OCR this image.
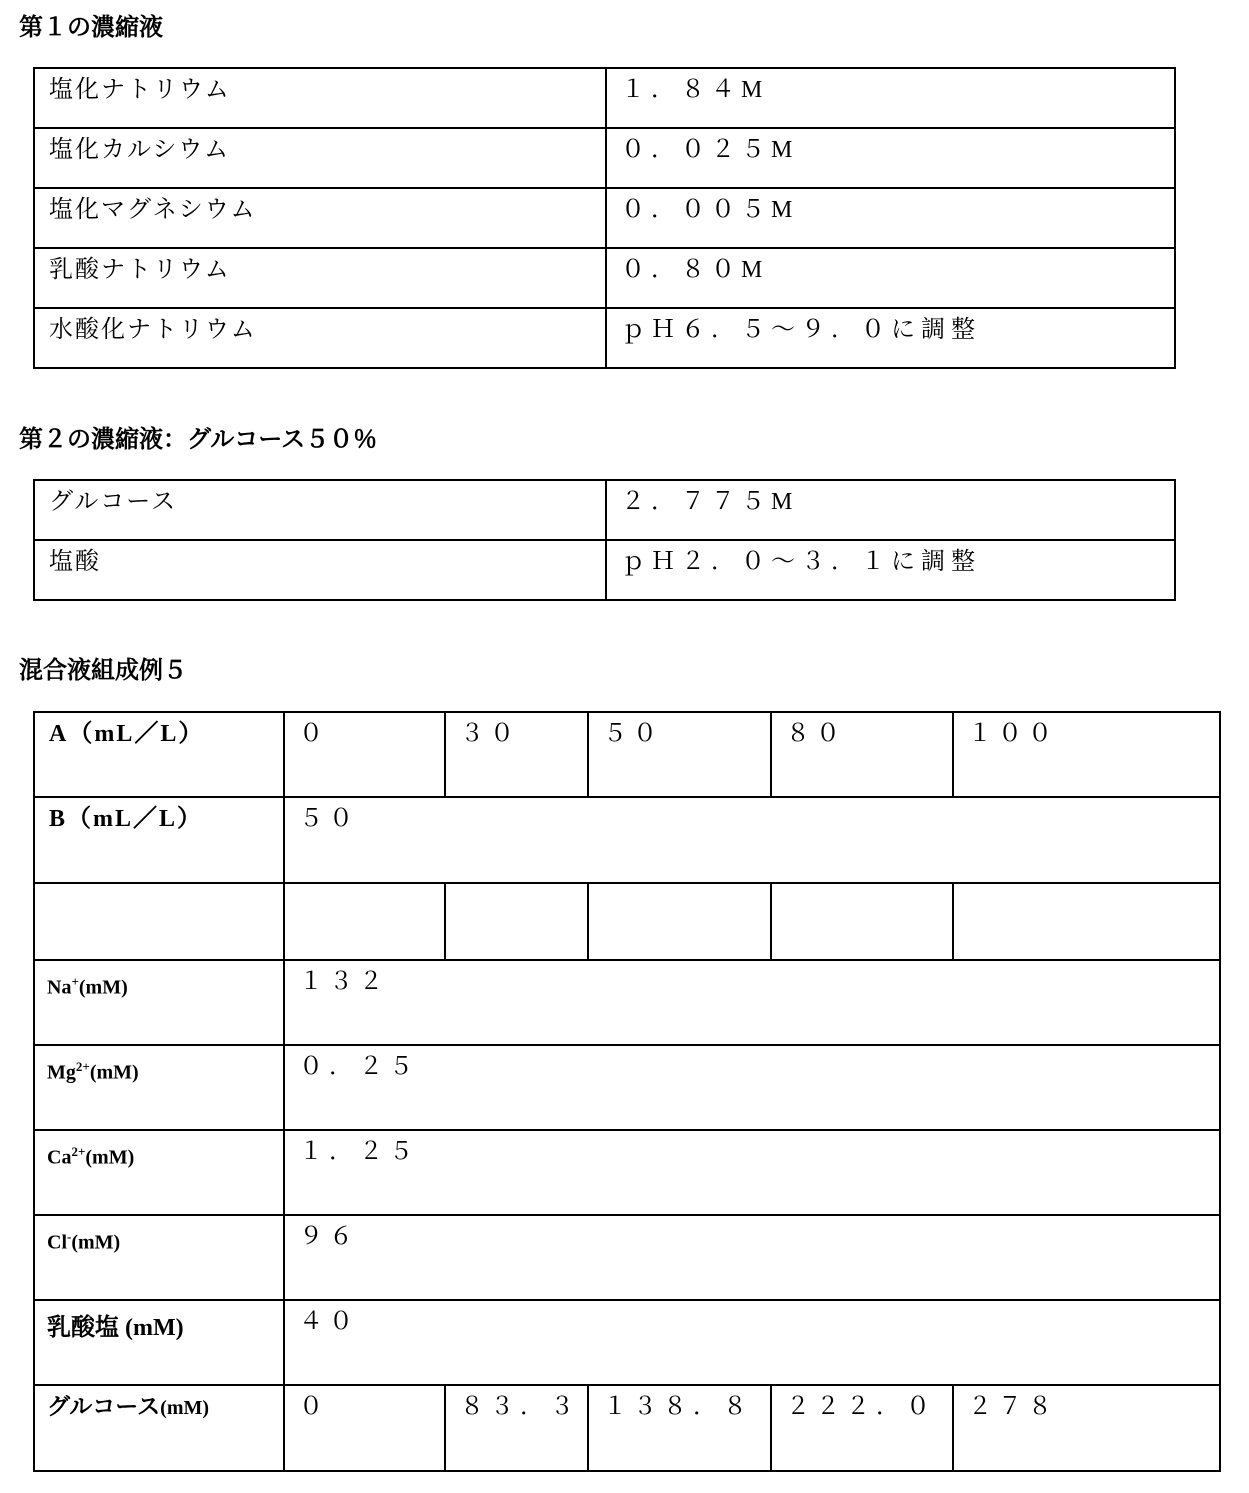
第１の濃縮液
塩化ナトリウム	１．８４M
塩化カルシウム	０．０２５M
塩化マグネシウム	０．００５M
乳酸ナトリウム	０．８０M
水酸化ナトリウム	ｐＨ６．５～９．０に調整
第２の濃縮液：グルコース５０％
グルコース	２．７７５M
塩酸	ｐＨ２．０～３．１に調整
混合液組成例５
A（mL／L）	０	３０	５０	８０	１００
B（mL／L）	５０

Na+(mM)	１３２
Mg2+(mM)	０．２５
Ca2+(mM)	１．２５
Cl-(mM)	９６
乳酸塩 (mM)	４０
グルコース(mM)	０	８３．３	１３８．８	２２２．０	２７８
